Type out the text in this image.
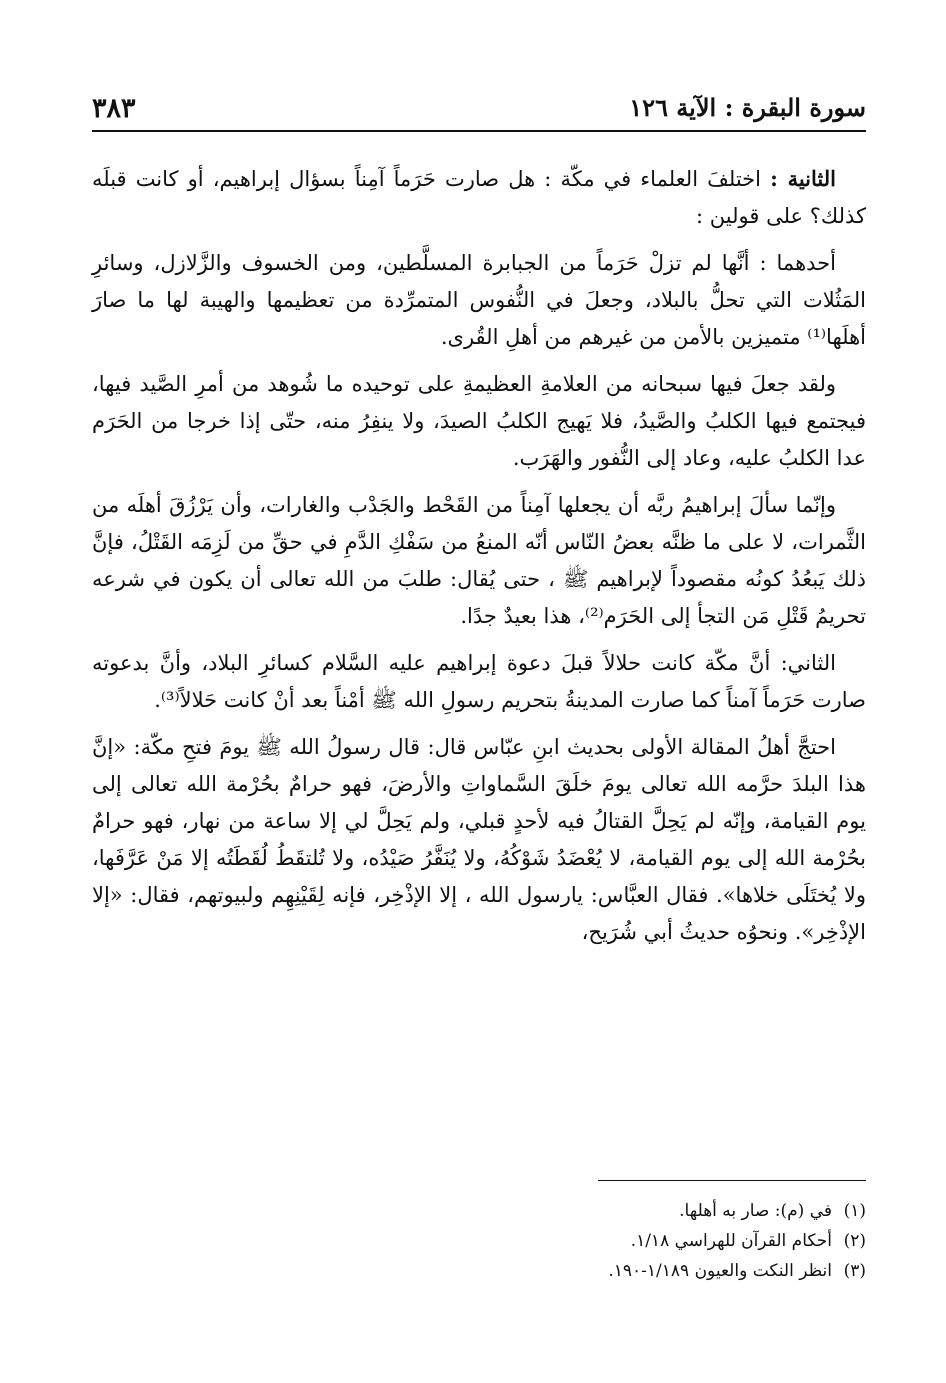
سورة البقرة : الآية ١٢٦
٣٨٣

الثانية : اختلفَ العلماء في مكّة : هل صارت حَرَماً آمِناً بسؤال إبراهيم، أو كانت قبلَه كذلك؟ على قولين :

أحدهما : أنَّها لم تزلْ حَرَماً من الجبابرة المسلَّطين، ومن الخسوف والزَّلازل، وسائرِ المَثُلات التي تحلُّ بالبلاد، وجعلَ في النُّفوس المتمرِّدة من تعظيمها والهيبة لها ما صارَ أهلَها⁽¹⁾ متميزين بالأمن من غيرهم من أهلِ القُرى.

ولقد جعلَ فيها سبحانه من العلامةِ العظيمةِ على توحيده ما شُوهد من أمرِ الصَّيد فيها، فيجتمع فيها الكلبُ والصَّيدُ، فلا يَهيج الكلبُ الصيدَ، ولا ينفِرُ منه، حتّى إذا خرجا من الحَرَم عدا الكلبُ عليه، وعاد إلى النُّفور والهَرَب.

وإنّما سألَ إبراهيمُ ربَّه أن يجعلها آمِناً من القَحْط والجَدْب والغارات، وأن يَرْزُقَ أهلَه من الثَّمرات، لا على ما ظنَّه بعضُ النّاس أنّه المنعُ من سَفْكِ الدَّمِ في حقِّ من لَزِمَه القَتْلُ، فإنَّ ذلك يَبعُدُ كونُه مقصوداً لإبراهيم ﷺ ، حتى يُقال: طلبَ من الله تعالى أن يكون في شرعه تحريمُ قَتْلِ مَن التجأ إلى الحَرَم⁽²⁾، هذا بعيدٌ جدًا.

الثاني: أنَّ مكّة كانت حلالاً قبلَ دعوة إبراهيم عليه السَّلام كسائرِ البلاد، وأنَّ بدعوته صارت حَرَماً آمناً كما صارت المدينةُ بتحريم رسولِ الله ﷺ أمْناً بعد أنْ كانت حَلالاً⁽³⁾.

احتجَّ أهلُ المقالة الأولى بحديث ابنِ عبّاس قال: قال رسولُ الله ﷺ يومَ فتحِ مكّة: «إنَّ هذا البلدَ حرَّمه الله تعالى يومَ خلَقَ السَّماواتِ والأرضَ، فهو حرامٌ بحُرْمة الله تعالى إلى يوم القيامة، وإنّه لم يَحِلَّ القتالُ فيه لأحدٍ قبلي، ولم يَحِلَّ لي إلا ساعة من نهار، فهو حرامٌ بحُرْمة الله إلى يوم القيامة، لا يُعْضَدُ شَوْكُهُ، ولا يُنَفَّرُ صَيْدُه، ولا تُلتقَطُ لُقَطَتُه إلا مَنْ عَرَّفَها، ولا يُختَلَى خلاها». فقال العبَّاس: يارسول الله ، إلا الإذْخِر، فإنه لِقَيْنِهِم ولبيوتهم، فقال: «إلا الإذْخِر». ونحوُه حديثُ أبي شُرَيح،

(١)في (م): صار به أهلها.

(٢)أحكام القرآن للهراسي ١/١٨.

(٣)انظر النكت والعيون ١/١٨٩-١٩٠.
